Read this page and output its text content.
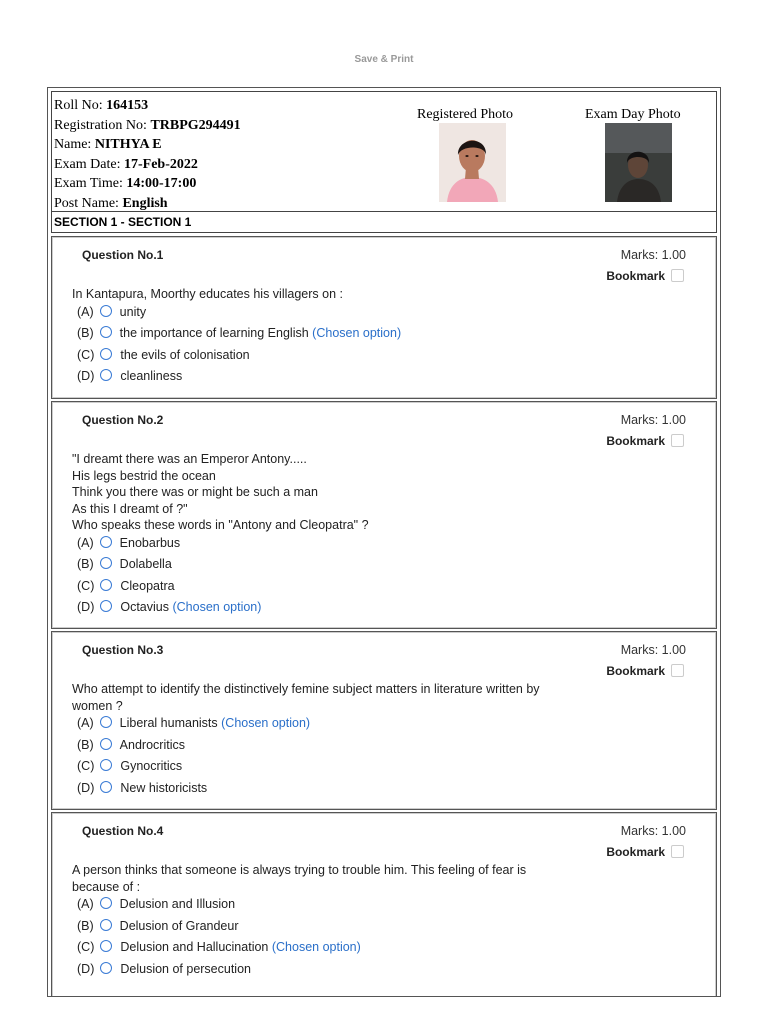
Save & Print
Roll No: 164153
Registration No: TRBPG294491
Name: NITHYA E
Exam Date: 17-Feb-2022
Exam Time: 14:00-17:00
Post Name: English
Registered Photo	Exam Day Photo
SECTION 1 - SECTION 1
Question No.1	Marks: 1.00
Bookmark
In Kantapura, Moorthy educates his villagers on :
(A) unity
(B) the importance of learning English (Chosen option)
(C) the evils of colonisation
(D) cleanliness
Question No.2	Marks: 1.00
Bookmark
"I dreamt there was an Emperor Antony.....
His legs bestrid the ocean
Think you there was or might be such a man
As this I dreamt of ?"
Who speaks these words in "Antony and Cleopatra" ?
(A) Enobarbus
(B) Dolabella
(C) Cleopatra
(D) Octavius (Chosen option)
Question No.3	Marks: 1.00
Bookmark
Who attempt to identify the distinctively femine subject matters in literature written by
women ?
(A) Liberal humanists (Chosen option)
(B) Androcritics
(C) Gynocritics
(D) New historicists
Question No.4	Marks: 1.00
Bookmark
A person thinks that someone is always trying to trouble him. This feeling of fear is
because of :
(A) Delusion and Illusion
(B) Delusion of Grandeur
(C) Delusion and Hallucination (Chosen option)
(D) Delusion of persecution
